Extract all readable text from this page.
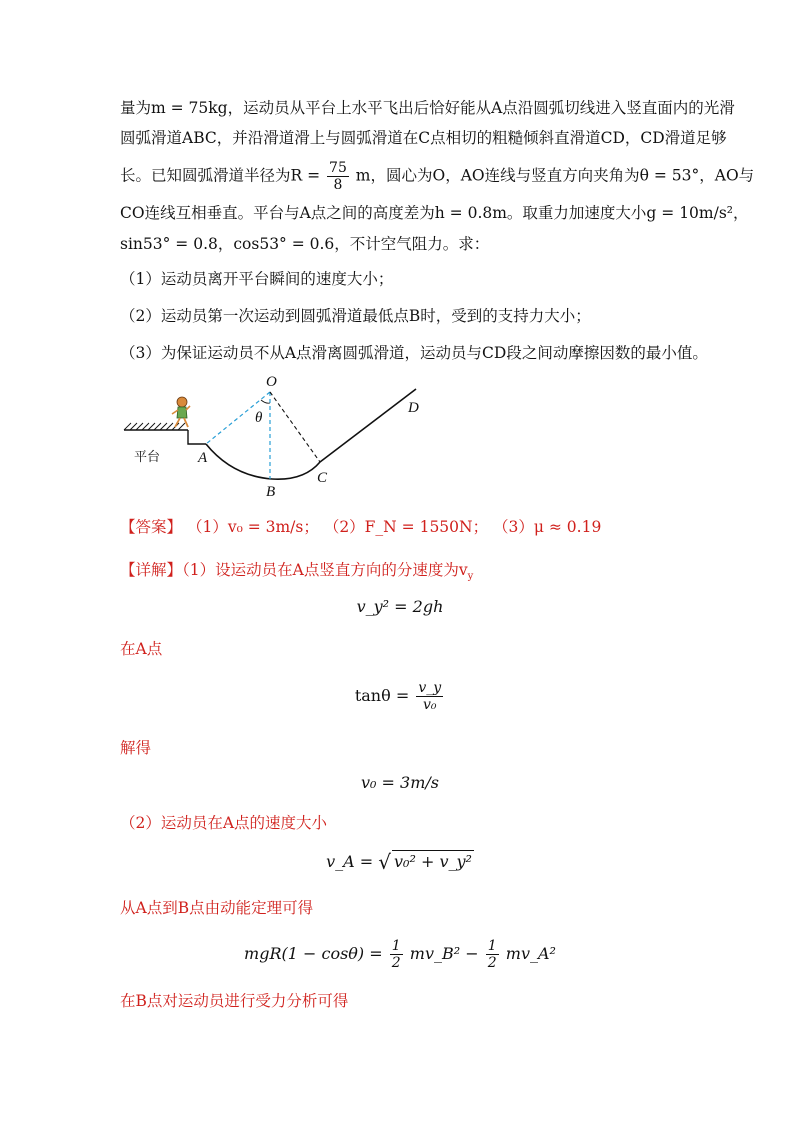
量为m = 75kg，运动员从平台上水平飞出后恰好能从A点沿圆弧切线进入竖直面内的光滑
圆弧滑道ABC，并沿滑道滑上与圆弧滑道在C点相切的粗糙倾斜直滑道CD，CD滑道足够
长。已知圆弧滑道半径为$R = \frac{75}{8}$ m，圆心为O，AO连线与竖直方向夹角为θ = 53°，AO与
CO连线互相垂直。平台与A点之间的高度差为h = 0.8m。取重力加速度大小g = 10m/s²，
sin53° = 0.8，cos53° = 0.6，不计空气阻力。求：
（1）运动员离开平台瞬间的速度大小；
（2）运动员第一次运动到圆弧滑道最低点B时，受到的支持力大小；
（3）为保证运动员不从A点滑离圆弧滑道，运动员与CD段之间动摩擦因数的最小值。
O
θ
D
A
B
C
平台
【答案】 （1）v₀ = 3m/s； （2）F_N = 1550N； （3）μ ≈ 0.19
【详解】（1）设运动员在A点竖直方向的分速度为$v_y$
v_y² = 2gh
在A点
$\tan\theta = \frac{v\_y}{\text{v₀}}$
解得
v₀ = 3m/s
（2）运动员在A点的速度大小
v_A = √ v₀² + v_y²
从A点到B点由动能定理可得
$mgR(1 - \cos\theta) = \frac{1}{2}$ mv_B² − $\frac{1}{2}$ mv_A²
在B点对运动员进行受力分析可得
